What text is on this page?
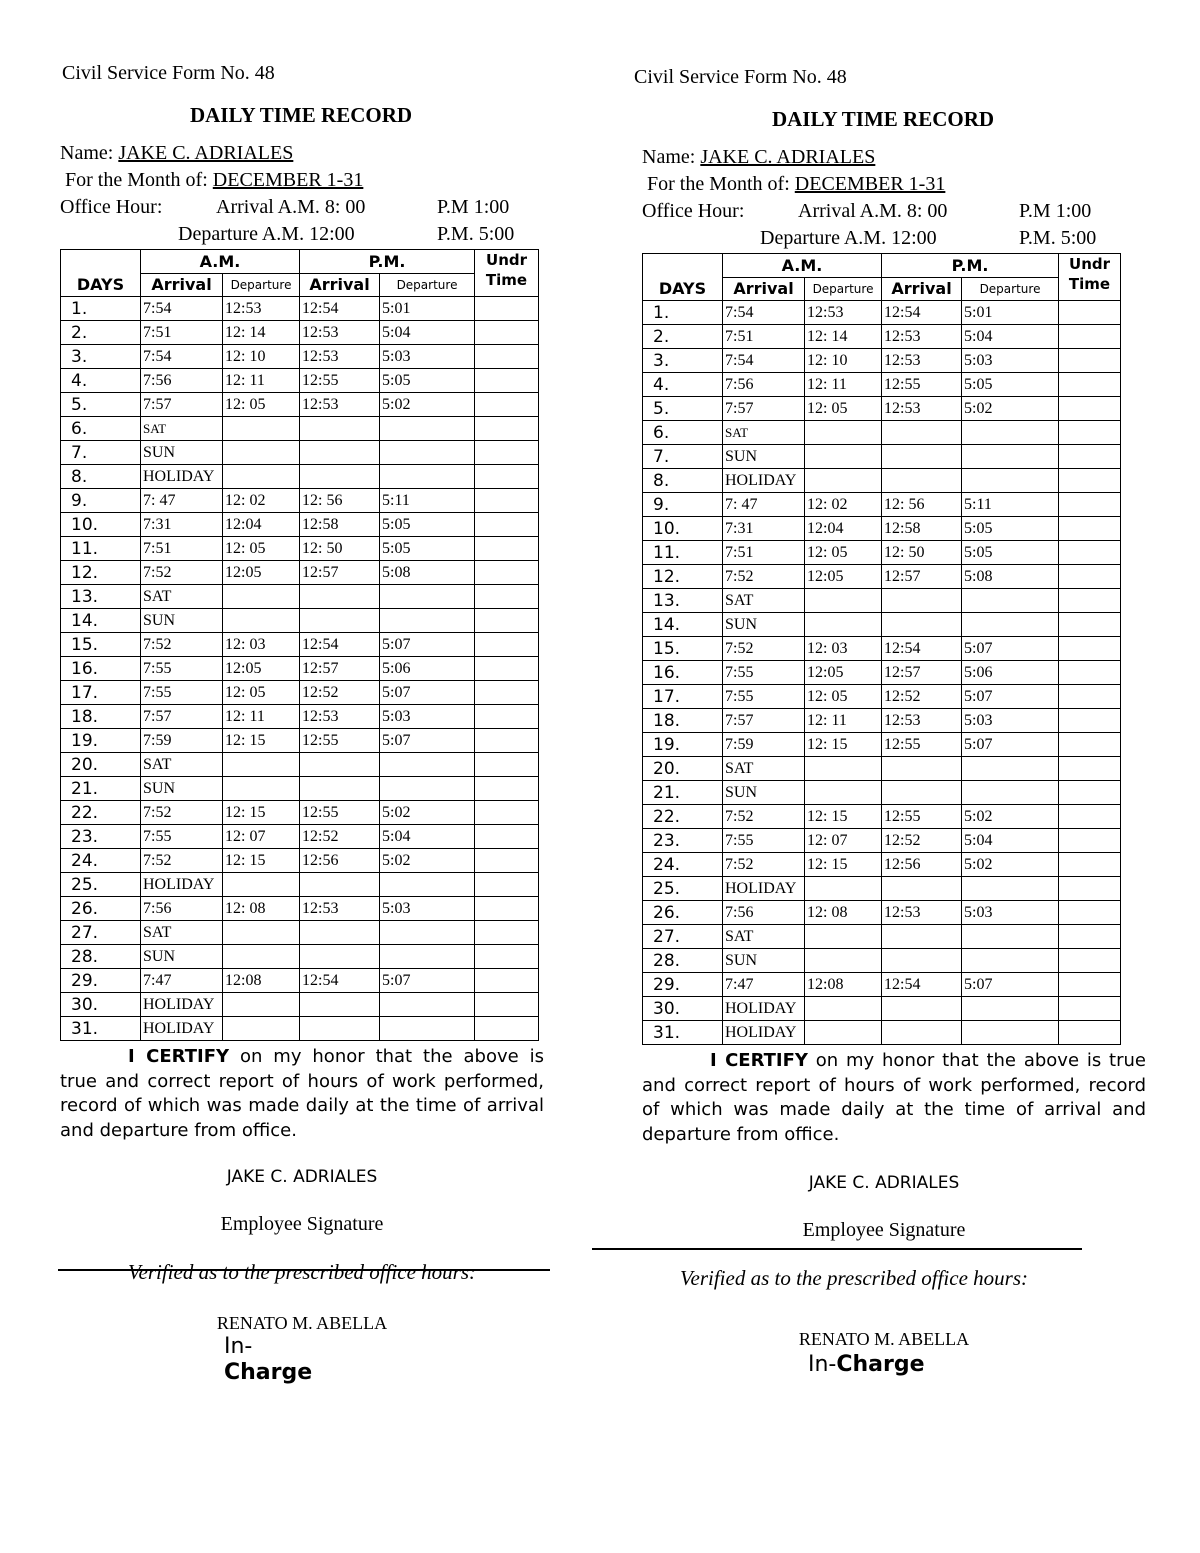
Civil Service Form No. 48
DAILY TIME RECORD
Name: JAKE C. ADRIALES
For the Month of: DECEMBER 1-31
Office Hour:	Arrival A.M. 8: 00	P.M 1:00
Departure A.M. 12:00	P.M. 5:00
	A.M.		P.M.		Undr
Time
DAYS	Arrival	Departure	Arrival	Departure	
1.	7:54	12:53	12:54	5:01	
2.	7:51	12: 14	12:53	5:04	
3.	7:54	12: 10	12:53	5:03	
4.	7:56	12: 11	12:55	5:05	
5.	7:57	12: 05	12:53	5:02	
6.	SAT				
7.	SUN				
8.	HOLIDAY				
9.	7: 47	12: 02	12: 56	5:11	
10.	7:31	12:04	12:58	5:05	
11.	7:51	12: 05	12: 50	5:05	
12.	7:52	12:05	12:57	5:08	
13.	SAT				
14.	SUN				
15.	7:52	12: 03	12:54	5:07	
16.	7:55	12:05	12:57	5:06	
17.	7:55	12: 05	12:52	5:07	
18.	7:57	12: 11	12:53	5:03	
19.	7:59	12: 15	12:55	5:07	
20.	SAT				
21.	SUN				
22.	7:52	12: 15	12:55	5:02	
23.	7:55	12: 07	12:52	5:04	
24.	7:52	12: 15	12:56	5:02	
25.	HOLIDAY				
26.	7:56	12: 08	12:53	5:03	
27.	SAT				
28.	SUN				
29.	7:47	12:08	12:54	5:07	
30.	HOLIDAY				
31.	HOLIDAY				
I CERTIFY on my honor that the above is true and correct report of hours of work performed, record of which was made daily at the time of arrival and departure from office.
JAKE C. ADRIALES
Employee Signature
Verified as to the prescribed office hours:
RENATO M. ABELLA
In-
Charge
Civil Service Form No. 48
DAILY TIME RECORD
Name: JAKE C. ADRIALES
For the Month of: DECEMBER 1-31
Office Hour:	Arrival A.M. 8: 00	P.M 1:00
Departure A.M. 12:00	P.M. 5:00
	A.M.		P.M.		Undr
Time
DAYS	Arrival	Departure	Arrival	Departure	
1.	7:54	12:53	12:54	5:01	
2.	7:51	12: 14	12:53	5:04	
3.	7:54	12: 10	12:53	5:03	
4.	7:56	12: 11	12:55	5:05	
5.	7:57	12: 05	12:53	5:02	
6.	SAT				
7.	SUN				
8.	HOLIDAY				
9.	7: 47	12: 02	12: 56	5:11	
10.	7:31	12:04	12:58	5:05	
11.	7:51	12: 05	12: 50	5:05	
12.	7:52	12:05	12:57	5:08	
13.	SAT				
14.	SUN				
15.	7:52	12: 03	12:54	5:07	
16.	7:55	12:05	12:57	5:06	
17.	7:55	12: 05	12:52	5:07	
18.	7:57	12: 11	12:53	5:03	
19.	7:59	12: 15	12:55	5:07	
20.	SAT				
21.	SUN				
22.	7:52	12: 15	12:55	5:02	
23.	7:55	12: 07	12:52	5:04	
24.	7:52	12: 15	12:56	5:02	
25.	HOLIDAY				
26.	7:56	12: 08	12:53	5:03	
27.	SAT				
28.	SUN				
29.	7:47	12:08	12:54	5:07	
30.	HOLIDAY				
31.	HOLIDAY				
I CERTIFY on my honor that the above is true and correct report of hours of work performed, record of which was made daily at the time of arrival and departure from office.
JAKE C. ADRIALES
Employee Signature
Verified as to the prescribed office hours:
RENATO M. ABELLA
In-Charge
